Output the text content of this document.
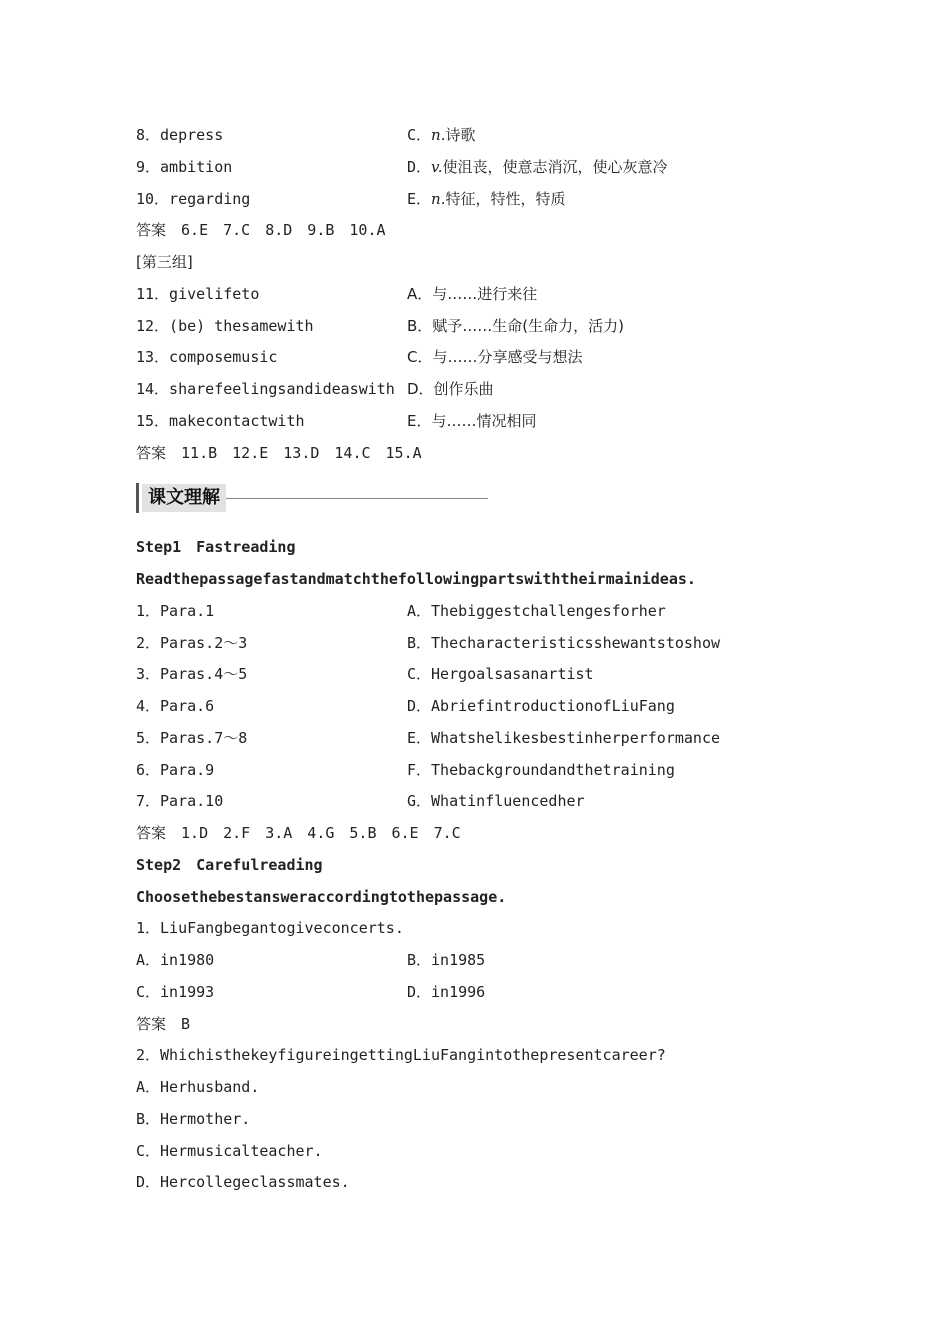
8．depress	C．n.诗歌
9．ambition	D．v.使沮丧，使意志消沉，使心灰意冷
10．regarding	E．n.特征，特性，特质
答案　 6.E　7.C　8.D　9.B　10.A
[第三组]
11．givelifeto	A．与……进行来往
12．(be) thesamewith	B．赋予……生命(生命力，活力)
13．composemusic	C．与……分享感受与想法
14．sharefeelingsandideaswith D．创作乐曲
15．makecontactwith	E．与……情况相同
答案　 11.B　12.E　13.D　14.C　15.A
课文理解
Step1　Fastreading
Readthepassagefastandmatchthefollowingpartswiththeirmainideas.
1．Para.1	A．Thebiggestchallengesforher
2．Paras.2～3	B．Thecharacteristicsshewantstoshow
3．Paras.4～5	C．Hergoalsasanartist
4．Para.6	D．AbriefintroductionofLiuFang
5．Paras.7～8	E．Whatshelikesbestinherperformance
6．Para.9	F．Thebackgroundandthetraining
7．Para.10	G．Whatinfluencedher
答案　 1.D　2.F　3.A　4.G　5.B　6.E　7.C
Step2　Carefulreading
Choosethebestansweraccordingtothepassage.
1．LiuFangbegantogiveconcerts.
A．in1980	B．in1985
C．in1993	D．in1996
答案　 B
2．WhichisthekeyfigureingettingLiuFangintothepresentcareer?
A．Herhusband.
B．Hermother.
C．Hermusicalteacher.
D．Hercollegeclassmates.
